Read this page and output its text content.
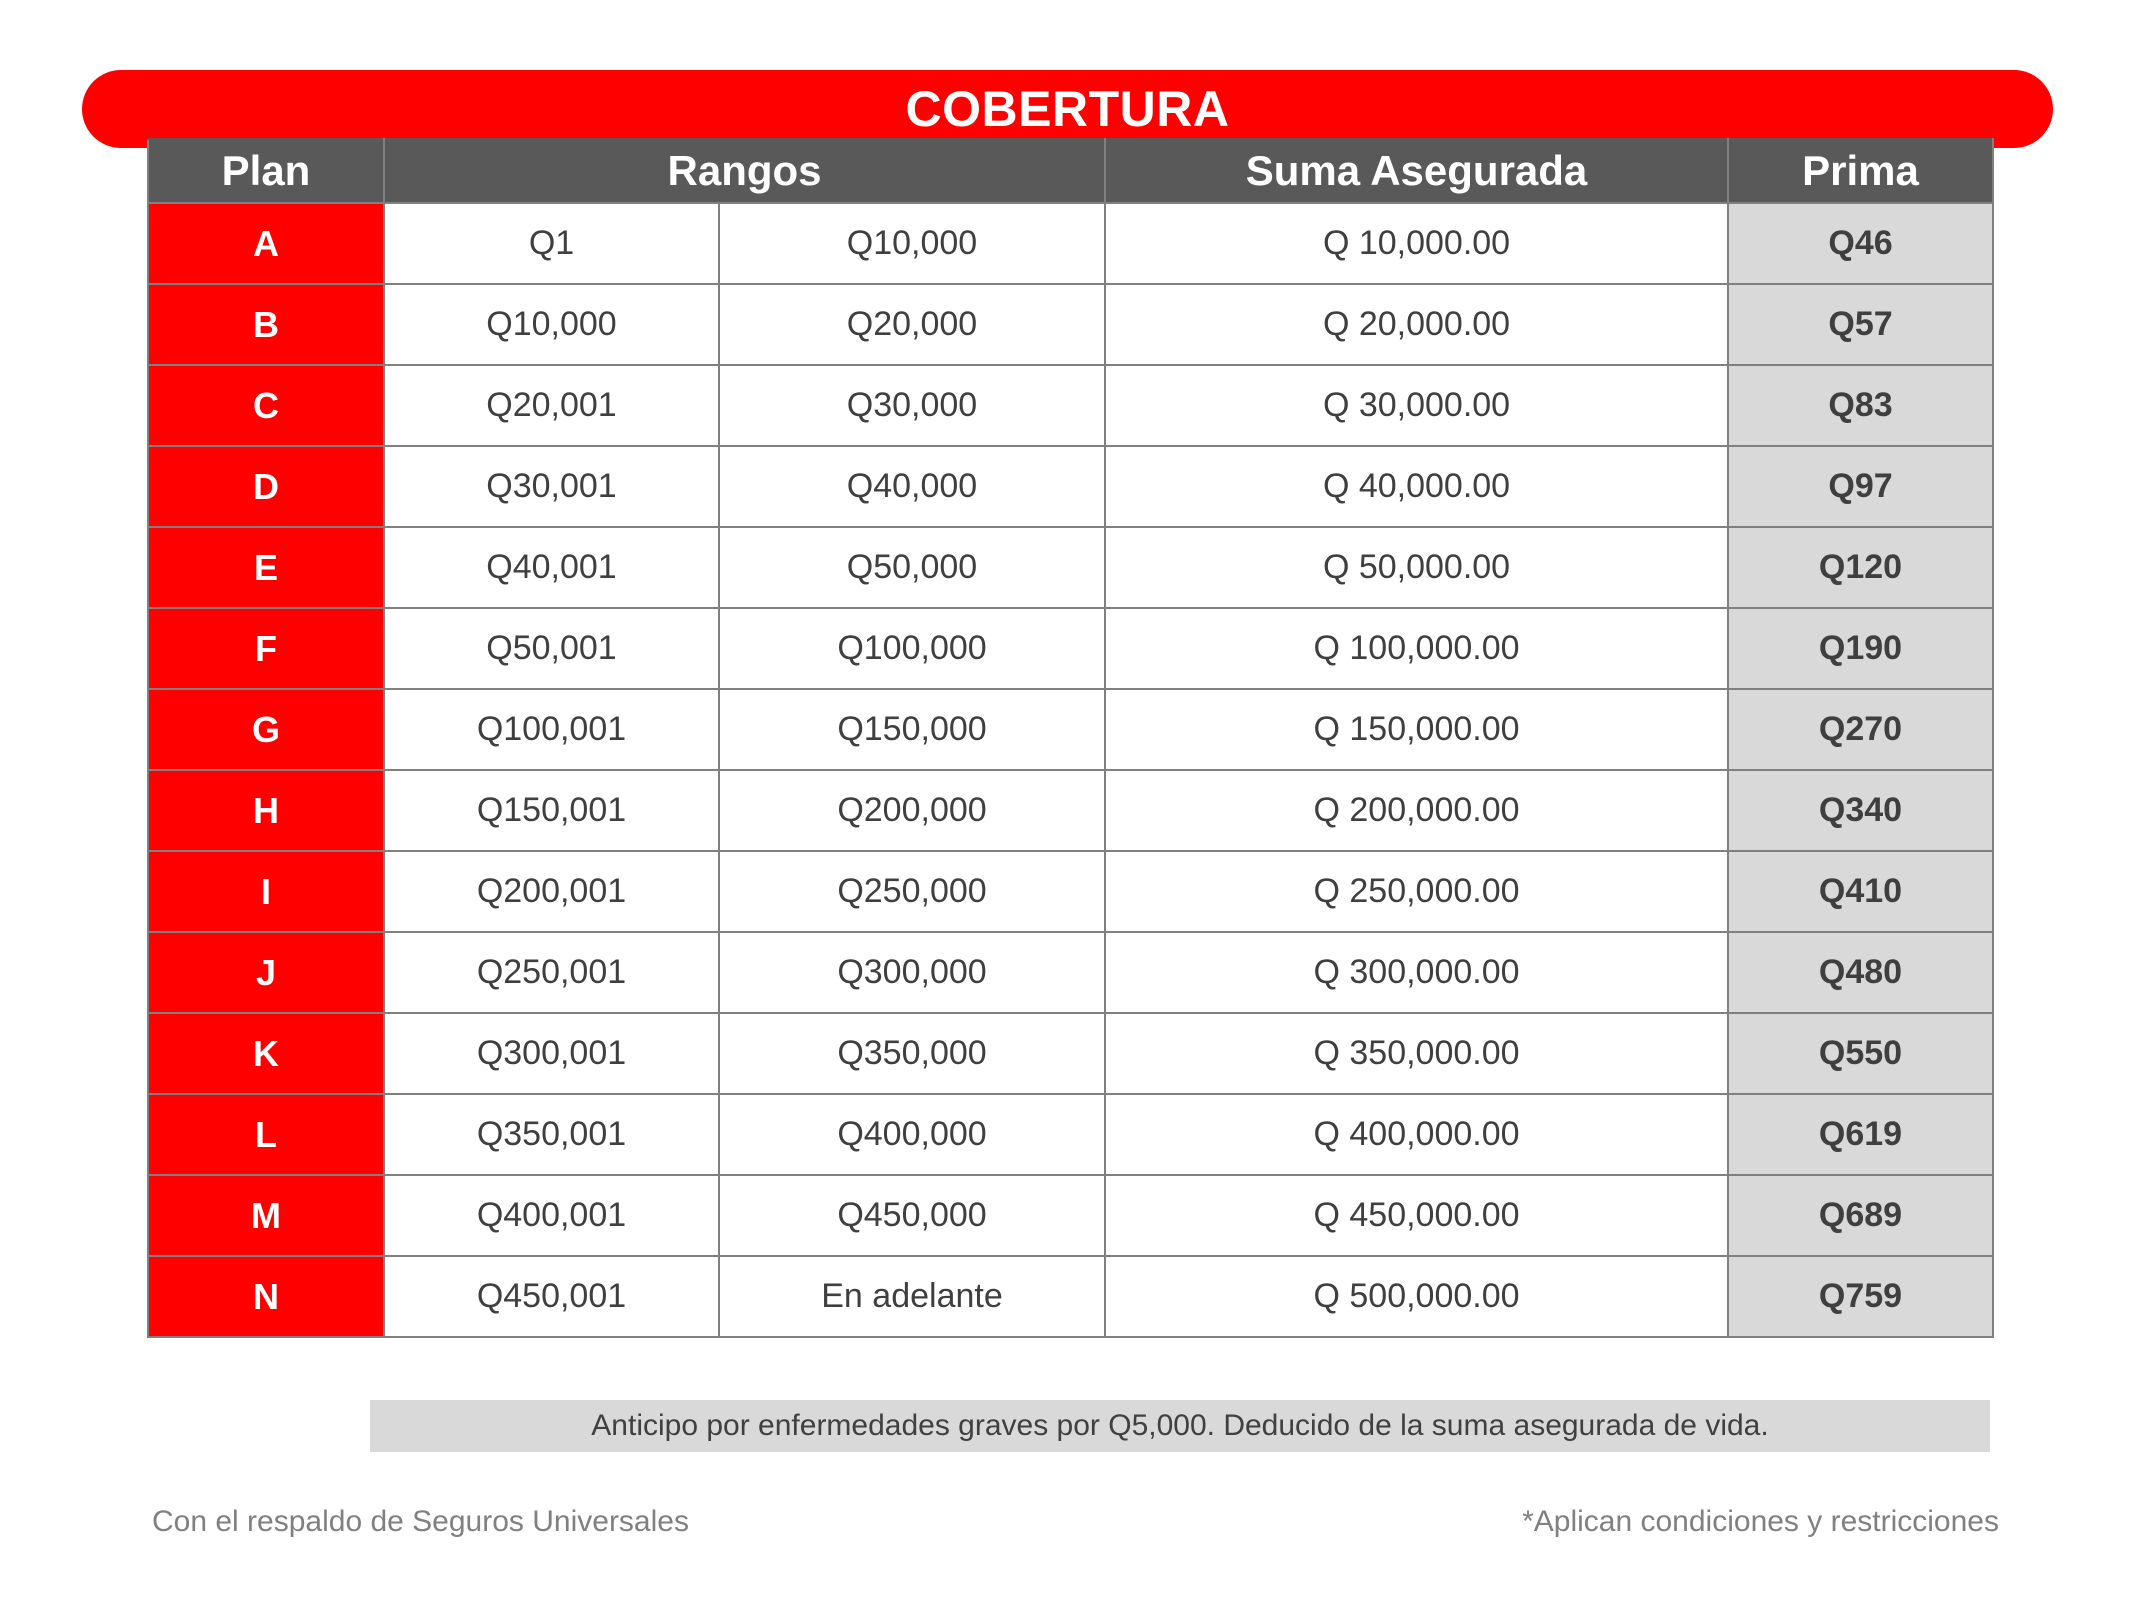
COBERTURA
Plan	Rangos		Suma Asegurada	Prima
A	Q1	Q10,000	Q 10,000.00	Q46
B	Q10,000	Q20,000	Q 20,000.00	Q57
C	Q20,001	Q30,000	Q 30,000.00	Q83
D	Q30,001	Q40,000	Q 40,000.00	Q97
E	Q40,001	Q50,000	Q 50,000.00	Q120
F	Q50,001	Q100,000	Q 100,000.00	Q190
G	Q100,001	Q150,000	Q 150,000.00	Q270
H	Q150,001	Q200,000	Q 200,000.00	Q340
I	Q200,001	Q250,000	Q 250,000.00	Q410
J	Q250,001	Q300,000	Q 300,000.00	Q480
K	Q300,001	Q350,000	Q 350,000.00	Q550
L	Q350,001	Q400,000	Q 400,000.00	Q619
M	Q400,001	Q450,000	Q 450,000.00	Q689
N	Q450,001	En adelante	Q 500,000.00	Q759
Anticipo por enfermedades graves por Q5,000. Deducido de la suma asegurada de vida.
Con el respaldo de Seguros Universales	*Aplican condiciones y restricciones
